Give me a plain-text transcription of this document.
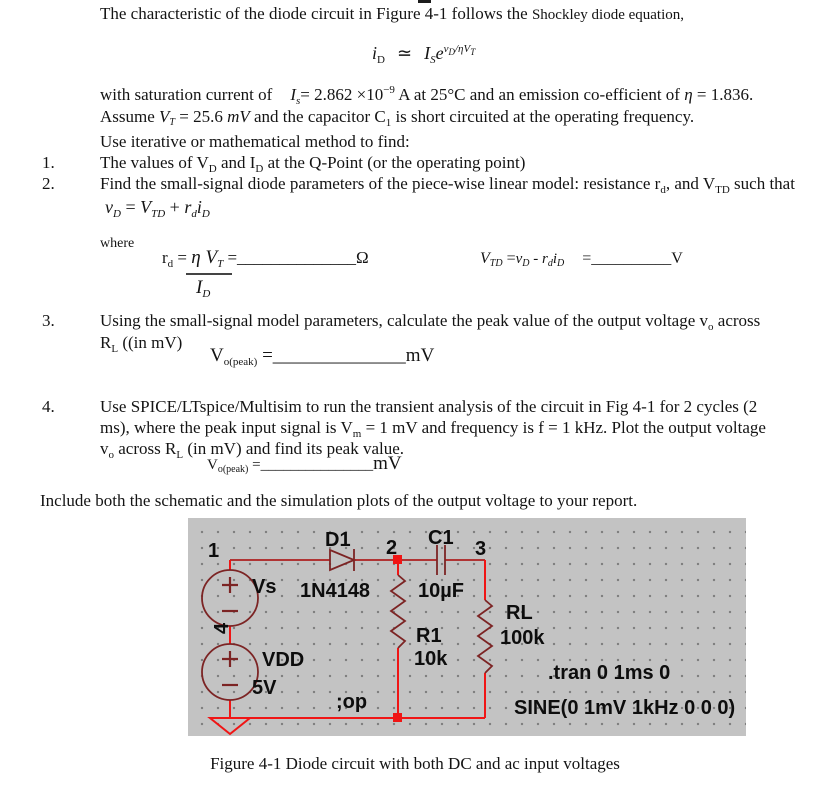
The characteristic of the diode circuit in Figure 4-1 follows the Shockley diode equation,
$i_D$ ≃ $I_Se^{vD/\eta VT}$
with saturation current of $I_s= 2.862 \times 10^{-9}$ A at 25°C and an emission co-efficient of η = 1.836.
Assume VT = 25.6 mV and the capacitor $C_1$ is short circuited at the operating frequency.
Use iterative or mathematical method to find:
1.	The values of $V_D$ and $I_D$ at the Q-Point (or the operating point)
2.	Find the small-signal diode parameters of the piece-wise linear model: resistance $r_d$, and $V_{TD}$ such that
$v_D = V_{TD} + r_di_D$
where
$r_d = \eta$ $V_T$ =______________Ω
$I_D$
VTD =vD - rdiD =__________V
3.	Using the small-signal model parameters, calculate the peak value of the output voltage $v_o$ across
$R_L$ ((in mV)
$V_{o(peak)}$ =______________mV
4.	Use SPICE/LTspice/Multisim to run the transient analysis of the circuit in Fig 4-1 for 2 cycles (2
ms), where the peak input signal is $V_m = 1$ mV and frequency is f = 1 kHz. Plot the output voltage
$v_o$ across $R_L$ (in mV) and find its peak value.
$V_{o(peak)}$ =_______________mV
Include both the schematic and the simulation plots of the output voltage to your report.
1	2	3
4
D1
1N4148
C1
10µF
Vs
VDD
5V
R1
10k
RL
100k
;op
.tran 0 1ms 0
SINE(0 1mV 1kHz 0 0 0)
Figure 4-1 Diode circuit with both DC and ac input voltages
